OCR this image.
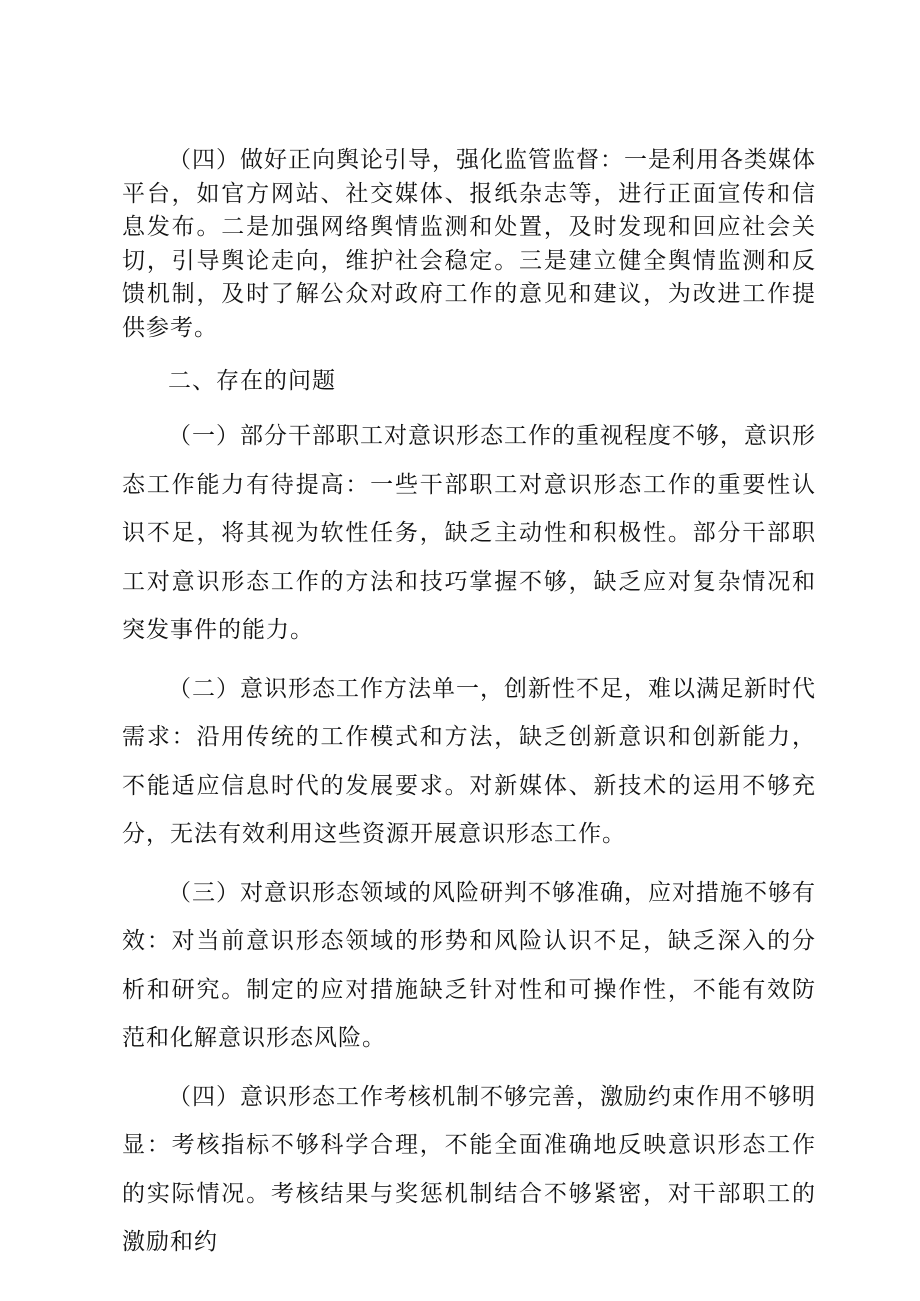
（四）做好正向舆论引导，强化监管监督：一是利用各类媒体平台，如官方网站、社交媒体、报纸杂志等，进行正面宣传和信息发布。二是加强网络舆情监测和处置，及时发现和回应社会关切，引导舆论走向，维护社会稳定。三是建立健全舆情监测和反馈机制，及时了解公众对政府工作的意见和建议，为改进工作提供参考。

二、存在的问题

（一）部分干部职工对意识形态工作的重视程度不够，意识形态工作能力有待提高：一些干部职工对意识形态工作的重要性认识不足，将其视为软性任务，缺乏主动性和积极性。部分干部职工对意识形态工作的方法和技巧掌握不够，缺乏应对复杂情况和突发事件的能力。

（二）意识形态工作方法单一，创新性不足，难以满足新时代需求：沿用传统的工作模式和方法，缺乏创新意识和创新能力，不能适应信息时代的发展要求。对新媒体、新技术的运用不够充分，无法有效利用这些资源开展意识形态工作。

（三）对意识形态领域的风险研判不够准确，应对措施不够有效：对当前意识形态领域的形势和风险认识不足，缺乏深入的分析和研究。制定的应对措施缺乏针对性和可操作性，不能有效防范和化解意识形态风险。

（四）意识形态工作考核机制不够完善，激励约束作用不够明显：考核指标不够科学合理，不能全面准确地反映意识形态工作的实际情况。考核结果与奖惩机制结合不够紧密，对干部职工的激励和约
